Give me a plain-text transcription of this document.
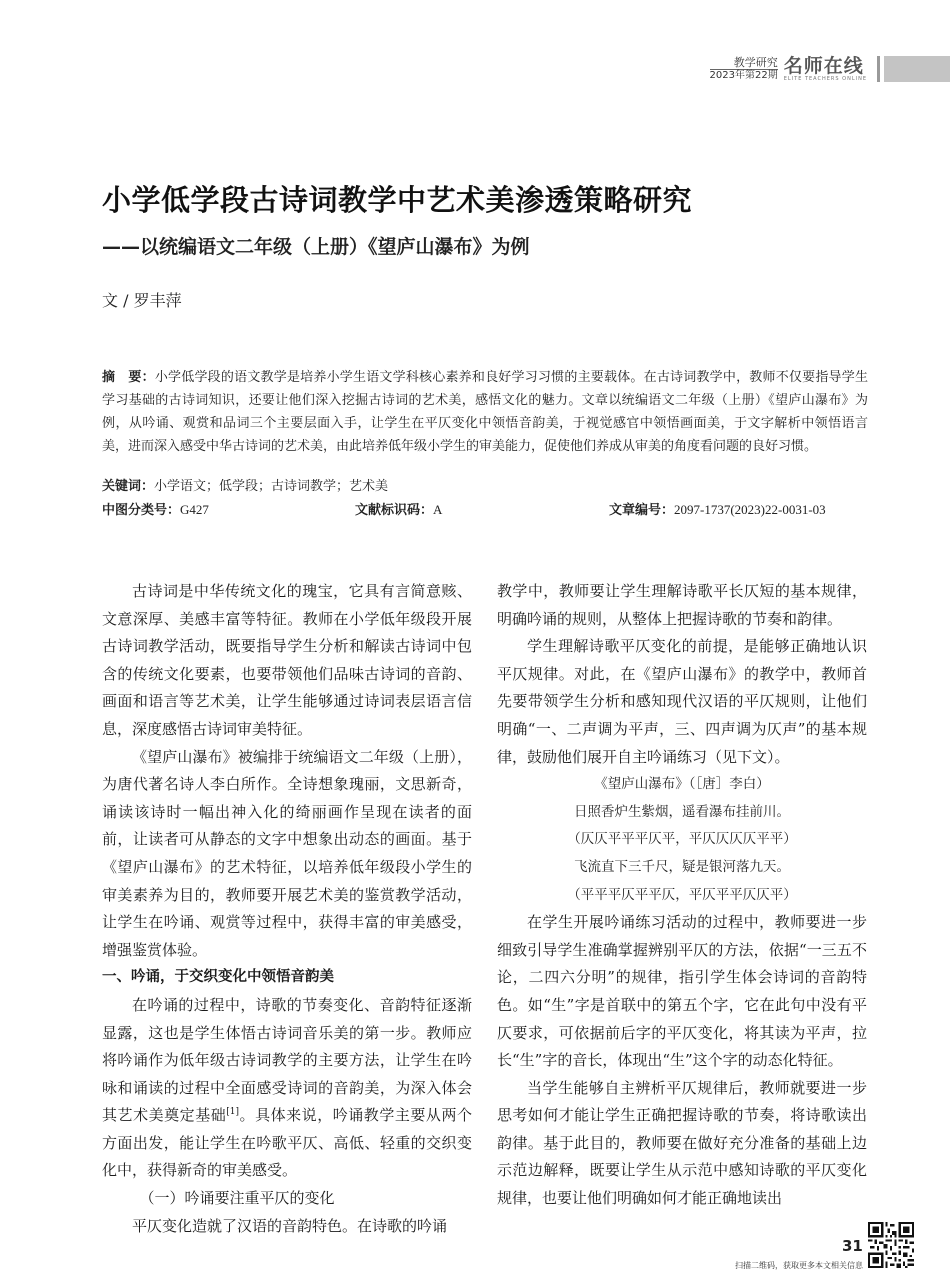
教学研究
2023年第22期 名师在线
ELITE TEACHERS ONLINE
小学低学段古诗词教学中艺术美渗透策略研究
——以统编语文二年级（上册）《望庐山瀑布》为例
文 / 罗丰萍
摘　要：小学低学段的语文教学是培养小学生语文学科核心素养和良好学习习惯的主要载体。在古诗词教学中，教师不仅要指导学生学习基础的古诗词知识，还要让他们深入挖掘古诗词的艺术美，感悟文化的魅力。文章以统编语文二年级（上册）《望庐山瀑布》为例，从吟诵、观赏和品词三个主要层面入手，让学生在平仄变化中领悟音韵美，于视觉感官中领悟画面美，于文字解析中领悟语言美，进而深入感受中华古诗词的艺术美，由此培养低年级小学生的审美能力，促使他们养成从审美的角度看问题的良好习惯。
关键词：小学语文；低学段；古诗词教学；艺术美
中图分类号：G427	文献标识码：A	文章编号：2097-1737(2023)22-0031-03

古诗词是中华传统文化的瑰宝，它具有言简意赅、文意深厚、美感丰富等特征。教师在小学低年级段开展古诗词教学活动，既要指导学生分析和解读古诗词中包含的传统文化要素，也要带领他们品味古诗词的音韵、画面和语言等艺术美，让学生能够通过诗词表层语言信息，深度感悟古诗词审美特征。

《望庐山瀑布》被编排于统编语文二年级（上册），为唐代著名诗人李白所作。全诗想象瑰丽，文思新奇，诵读该诗时一幅出神入化的绮丽画作呈现在读者的面前，让读者可从静态的文字中想象出动态的画面。基于《望庐山瀑布》的艺术特征，以培养低年级段小学生的审美素养为目的，教师要开展艺术美的鉴赏教学活动，让学生在吟诵、观赏等过程中，获得丰富的审美感受，增强鉴赏体验。

一、吟诵，于交织变化中领悟音韵美

在吟诵的过程中，诗歌的节奏变化、音韵特征逐渐显露，这也是学生体悟古诗词音乐美的第一步。教师应将吟诵作为低年级古诗词教学的主要方法，让学生在吟咏和诵读的过程中全面感受诗词的音韵美，为深入体会其艺术美奠定基础[1]。具体来说，吟诵教学主要从两个方面出发，能让学生在吟歌平仄、高低、轻重的交织变化中，获得新奇的审美感受。

（一）吟诵要注重平仄的变化

平仄变化造就了汉语的音韵特色。在诗歌的吟诵

教学中，教师要让学生理解诗歌平长仄短的基本规律，明确吟诵的规则，从整体上把握诗歌的节奏和韵律。

学生理解诗歌平仄变化的前提，是能够正确地认识平仄规律。对此，在《望庐山瀑布》的教学中，教师首先要带领学生分析和感知现代汉语的平仄规则，让他们明确“一、二声调为平声，三、四声调为仄声”的基本规律，鼓励他们展开自主吟诵练习（见下文）。

《望庐山瀑布》（［唐］李白）
日照香炉生紫烟，遥看瀑布挂前川。
（仄仄平平平仄平，平仄仄仄仄平平）
飞流直下三千尺，疑是银河落九天。
（平平平仄平平仄，平仄平平仄仄平）

在学生开展吟诵练习活动的过程中，教师要进一步细致引导学生准确掌握辨别平仄的方法，依据“一三五不论，二四六分明”的规律，指引学生体会诗词的音韵特色。如“生”字是首联中的第五个字，它在此句中没有平仄要求，可依据前后字的平仄变化，将其读为平声，拉长“生”字的音长，体现出“生”这个字的动态化特征。

当学生能够自主辨析平仄规律后，教师就要进一步思考如何才能让学生正确把握诗歌的节奏，将诗歌读出韵律。基于此目的，教师要在做好充分准备的基础上边示范边解释，既要让学生从示范中感知诗歌的平仄变化规律，也要让他们明确如何才能正确地读出

31
扫描二维码，获取更多本文相关信息
